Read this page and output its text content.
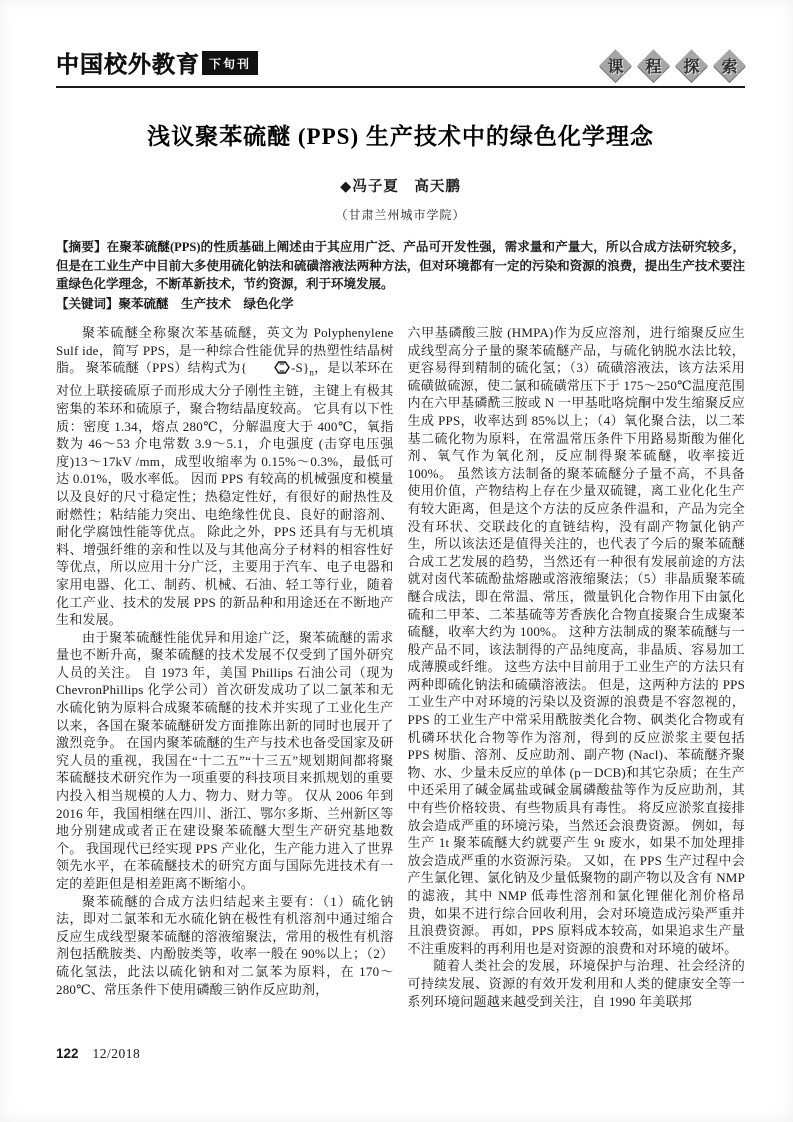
中国校外教育 下旬刊	课	程	探	索
浅议聚苯硫醚 (PPS) 生产技术中的绿色化学理念
◆冯子夏　高天鹏
（甘肃兰州城市学院）
【摘要】在聚苯硫醚(PPS)的性质基础上阐述由于其应用广泛、产品可开发性强，需求量和产量大，所以合成方法研究较多，但是在工业生产中目前大多使用硫化钠法和硫磺溶液法两种方法，但对环境都有一定的污染和资源的浪费，提出生产技术要注重绿色化学理念，不断革新技术，节约资源，利于环境发展。
【关键词】聚苯硫醚　生产技术　绿色化学

聚苯硫醚全称聚次苯基硫醚，英文为 Polyphenylene Sulf ide，简写 PPS，是一种综合性能优异的热塑性结晶树脂。 聚苯硫醚（PPS）结构式为{	$-S\}_n$，是以苯环在对位上联接硫原子而形成大分子刚性主链，主键上有极其密集的苯环和硫原子，聚合物结晶度较高。 它具有以下性质：密度 1.34，熔点 280℃，分解温度大于 400℃，氧指数为 46～53 介电常数 3.9～5.1，介电强度 (击穿电压强度)13～17kV /mm，成型收缩率为 0.15%～0.3%，最低可达 0.01%，吸水率低。 因而 PPS 有较高的机械强度和模量以及良好的尺寸稳定性；热稳定性好，有很好的耐热性及耐燃性；粘结能力突出、电绝缘性优良、良好的耐溶剂、耐化学腐蚀性能等优点。 除此之外，PPS 还具有与无机填料、增强纤维的亲和性以及与其他高分子材料的相容性好等优点，所以应用十分广泛，主要用于汽车、电子电器和家用电器、化工、制药、机械、石油、轻工等行业，随着化工产业、技术的发展 PPS 的新品种和用途还在不断地产生和发展。

由于聚苯硫醚性能优异和用途广泛，聚苯硫醚的需求量也不断升高，聚苯硫醚的技术发展不仅受到了国外研究人员的关注。 自 1973 年，美国 Phillips 石油公司（现为 ChevronPhillips 化学公司）首次研发成功了以二氯苯和无水硫化钠为原料合成聚苯硫醚的技术并实现了工业化生产以来，各国在聚苯硫醚研发方面推陈出新的同时也展开了激烈竞争。 在国内聚苯硫醚的生产与技术也备受国家及研究人员的重视，我国在“十二五”“十三五”规划期间都将聚苯硫醚技术研究作为一项重要的科技项目来抓规划的重要内投入相当规模的人力、物力、财力等。 仅从 2006 年到 2016 年，我国相继在四川、浙江、鄂尔多斯、兰州新区等地分别建成或者正在建设聚苯硫醚大型生产研究基地数个。 我国现代已经实现 PPS 产业化，生产能力进入了世界领先水平，在苯硫醚技术的研究方面与国际先进技术有一定的差距但是相差距离不断缩小。

聚苯硫醚的合成方法归结起来主要有：（1）硫化钠法，即对二氯苯和无水硫化钠在极性有机溶剂中通过缩合反应生成线型聚苯硫醚的溶液缩聚法，常用的极性有机溶剂包括酰胺类、内酚胺类等，收率一般在 90%以上；（2）硫化氢法，此法以硫化钠和对二氯苯为原料，在 170～280℃、常压条件下使用磷酸三钠作反应助剂，

六甲基磷酸三胺 (HMPA)作为反应溶剂，进行缩聚反应生成线型高分子量的聚苯硫醚产品，与硫化钠脱水法比较，更容易得到精制的硫化氢；（3）硫磺溶液法，该方法采用硫磺做硫源，使二氯和硫磺常压下于 175～250℃温度范围内在六甲基磷酰三胺或 N 一甲基吡咯烷酮中发生缩聚反应生成 PPS，收率达到 85%以上；（4）氧化聚合法，以二苯基二硫化物为原料，在常温常压条件下用路易斯酸为催化剂、氧气作为氧化剂，反应制得聚苯硫醚，收率接近 100%。 虽然该方法制备的聚苯硫醚分子量不高，不具备使用价值，产物结构上存在少量双硫键，离工业化化生产有较大距离，但是这个方法的反应条件温和，产品为完全没有环状、交联歧化的直链结构，没有副产物氯化钠产生，所以该法还是值得关注的，也代表了今后的聚苯硫醚合成工艺发展的趋势，当然还有一种很有发展前途的方法就对卤代苯硫酚盐熔融或溶液缩聚法；（5）非晶质聚苯硫醚合成法，即在常温、常压，微量钒化合物作用下由氯化硫和二甲苯、二苯基硫等芳香族化合物直接聚合生成聚苯硫醚，收率大约为 100%。 这种方法制成的聚苯硫醚与一般产品不同，该法制得的产品纯度高，非晶质、容易加工成薄膜或纤维。 这些方法中目前用于工业生产的方法只有两种即硫化钠法和硫磺溶液法。 但是，这两种方法的 PPS 工业生产中对环境的污染以及资源的浪费是不容忽视的，PPS 的工业生产中常采用酰胺类化合物、砜类化合物或有机磷环状化合物等作为溶剂，得到的反应淤浆主要包括 PPS 树脂、溶剂、反应助剂、副产物 (Nacl)、苯硫醚齐聚物、水、少量未反应的单体 (p－DCB)和其它杂质；在生产中还采用了碱金属盐或碱金属磷酸盐等作为反应助剂，其中有些价格较贵、有些物质具有毒性。 将反应淤浆直接排放会造成严重的环境污染，当然还会浪费资源。 例如，每生产 1t 聚苯硫醚大约就要产生 9t 废水，如果不加处理排放会造成严重的水资源污染。 又如，在 PPS 生产过程中会产生氯化锂、氯化钠及少量低聚物的副产物以及含有 NMP 的滤液，其中 NMP 低毒性溶剂和氯化锂催化剂价格昂贵，如果不进行综合回收利用，会对环境造成污染严重并且浪费资源。 再如，PPS 原料成本较高，如果追求生产量不注重废料的再利用也是对资源的浪费和对环境的破坏。

随着人类社会的发展，环境保护与治理、社会经济的可持续发展、资源的有效开发利用和人类的健康安全等一系列环境问题越来越受到关注，自 1990 年美联邦

122 12/2018
